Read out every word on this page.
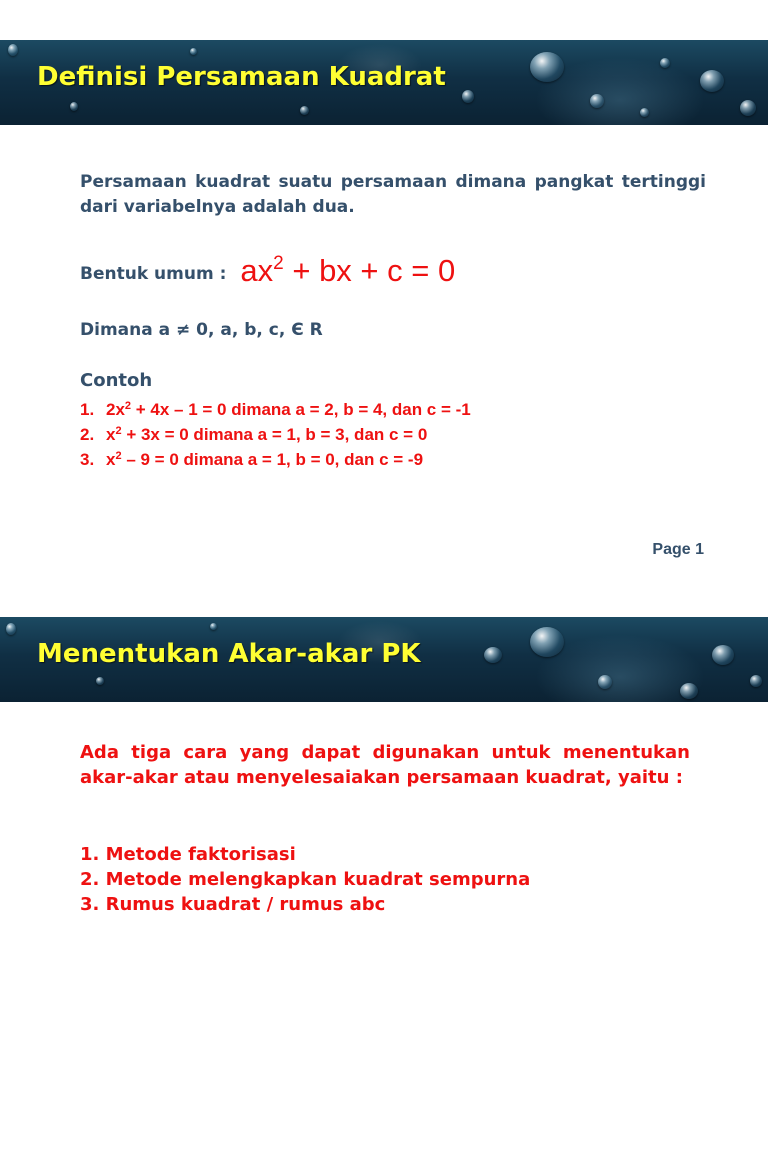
Definisi Persamaan Kuadrat
Persamaan kuadrat suatu persamaan dimana pangkat tertinggi dari variabelnya adalah dua.
Bentuk umum : $ax^2$ + bx + c = 0
Dimana a ≠ 0, a, b, c, Є R
Contoh
1. $2x^2 + 4x - 1 = 0$ dimana a = 2, b = 4, dan c = -1
2. $x^2 + 3x = 0$ dimana a = 1, b = 3, dan c = 0
3. $x^2 - 9 = 0$ dimana a = 1, b = 0, dan c = -9
Page 1
Menentukan Akar-akar PK
Ada tiga cara yang dapat digunakan untuk menentukan akar-akar atau menyelesaiakan persamaan kuadrat, yaitu :
1. Metode faktorisasi
2. Metode melengkapkan kuadrat sempurna
3. Rumus kuadrat / rumus abc
